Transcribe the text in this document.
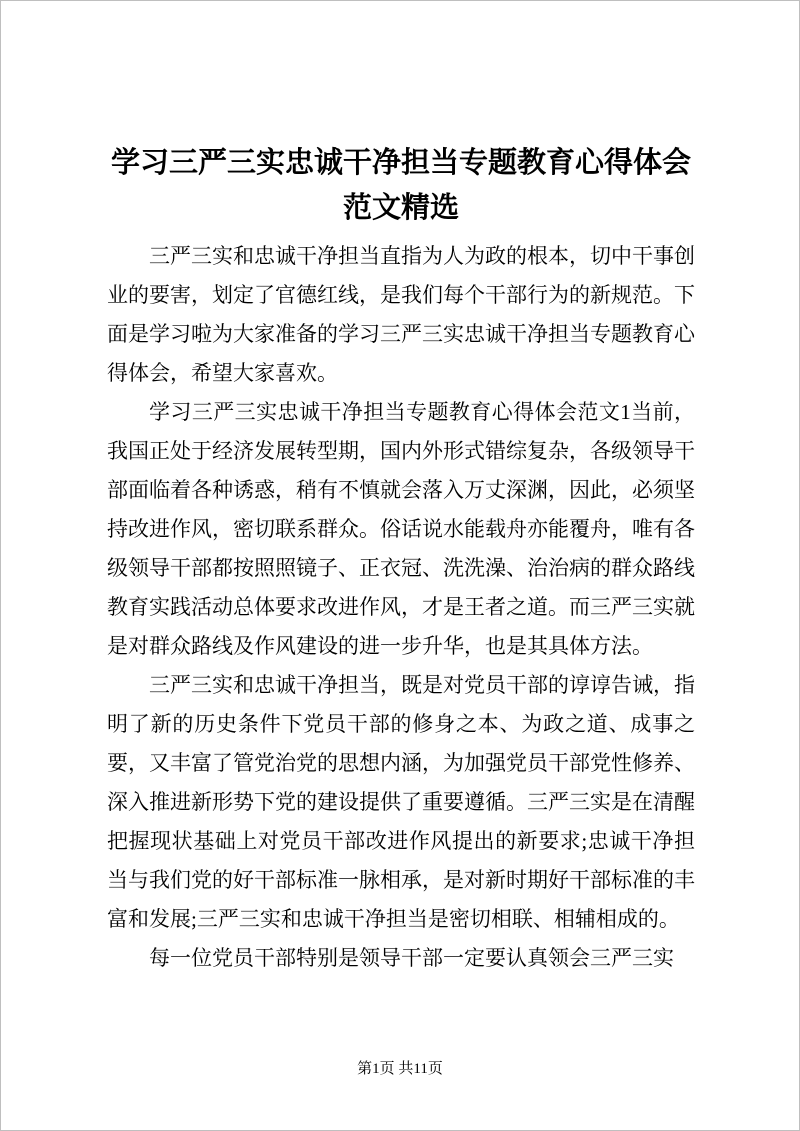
学习三严三实忠诚干净担当专题教育心得体会
范文精选

三严三实和忠诚干净担当直指为人为政的根本，切中干事创业的要害，划定了官德红线，是我们每个干部行为的新规范。下面是学习啦为大家准备的学习三严三实忠诚干净担当专题教育心得体会，希望大家喜欢。

学习三严三实忠诚干净担当专题教育心得体会范文1当前，我国正处于经济发展转型期，国内外形式错综复杂，各级领导干部面临着各种诱惑，稍有不慎就会落入万丈深渊，因此，必须坚持改进作风，密切联系群众。俗话说水能载舟亦能覆舟，唯有各级领导干部都按照照镜子、正衣冠、洗洗澡、治治病的群众路线教育实践活动总体要求改进作风，才是王者之道。而三严三实就是对群众路线及作风建设的进一步升华，也是其具体方法。

三严三实和忠诚干净担当，既是对党员干部的谆谆告诫，指明了新的历史条件下党员干部的修身之本、为政之道、成事之要，又丰富了管党治党的思想内涵，为加强党员干部党性修养、深入推进新形势下党的建设提供了重要遵循。三严三实是在清醒把握现状基础上对党员干部改进作风提出的新要求;忠诚干净担当与我们党的好干部标准一脉相承，是对新时期好干部标准的丰富和发展;三严三实和忠诚干净担当是密切相联、相辅相成的。

每一位党员干部特别是领导干部一定要认真领会三严三实

第1页 共11页
